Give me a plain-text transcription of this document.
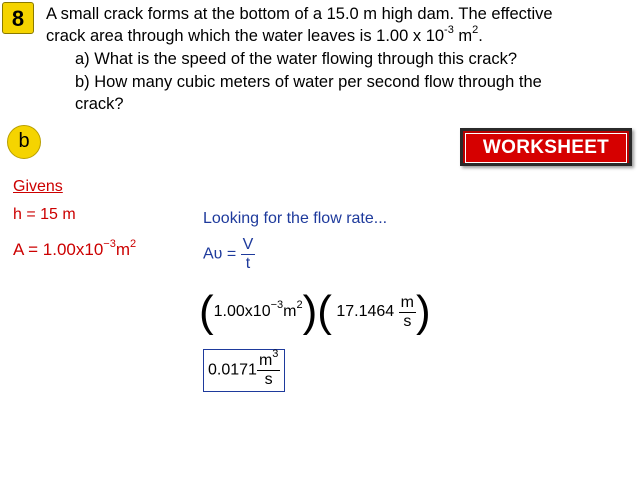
8	A small crack forms at the bottom of a 15.0 m high dam. The effective
crack area through which the water leaves is 1.00 x $10^{-3}$ $m^2$.
a) What is the speed of the water flowing through this crack?
b) How many cubic meters of water per second flow through the
crack?
b	WORKSHEET
Givens
h = 15 m
$A = 1.00x10^{-3}m^2$
Looking for the flow rate...
$A\upsilon = \frac{V}{t}$
$(1.00x10^{-3}m^2)$( $17.1464 \frac{m}{s}$ )
$0.0171 \frac{m^3}{s}$
